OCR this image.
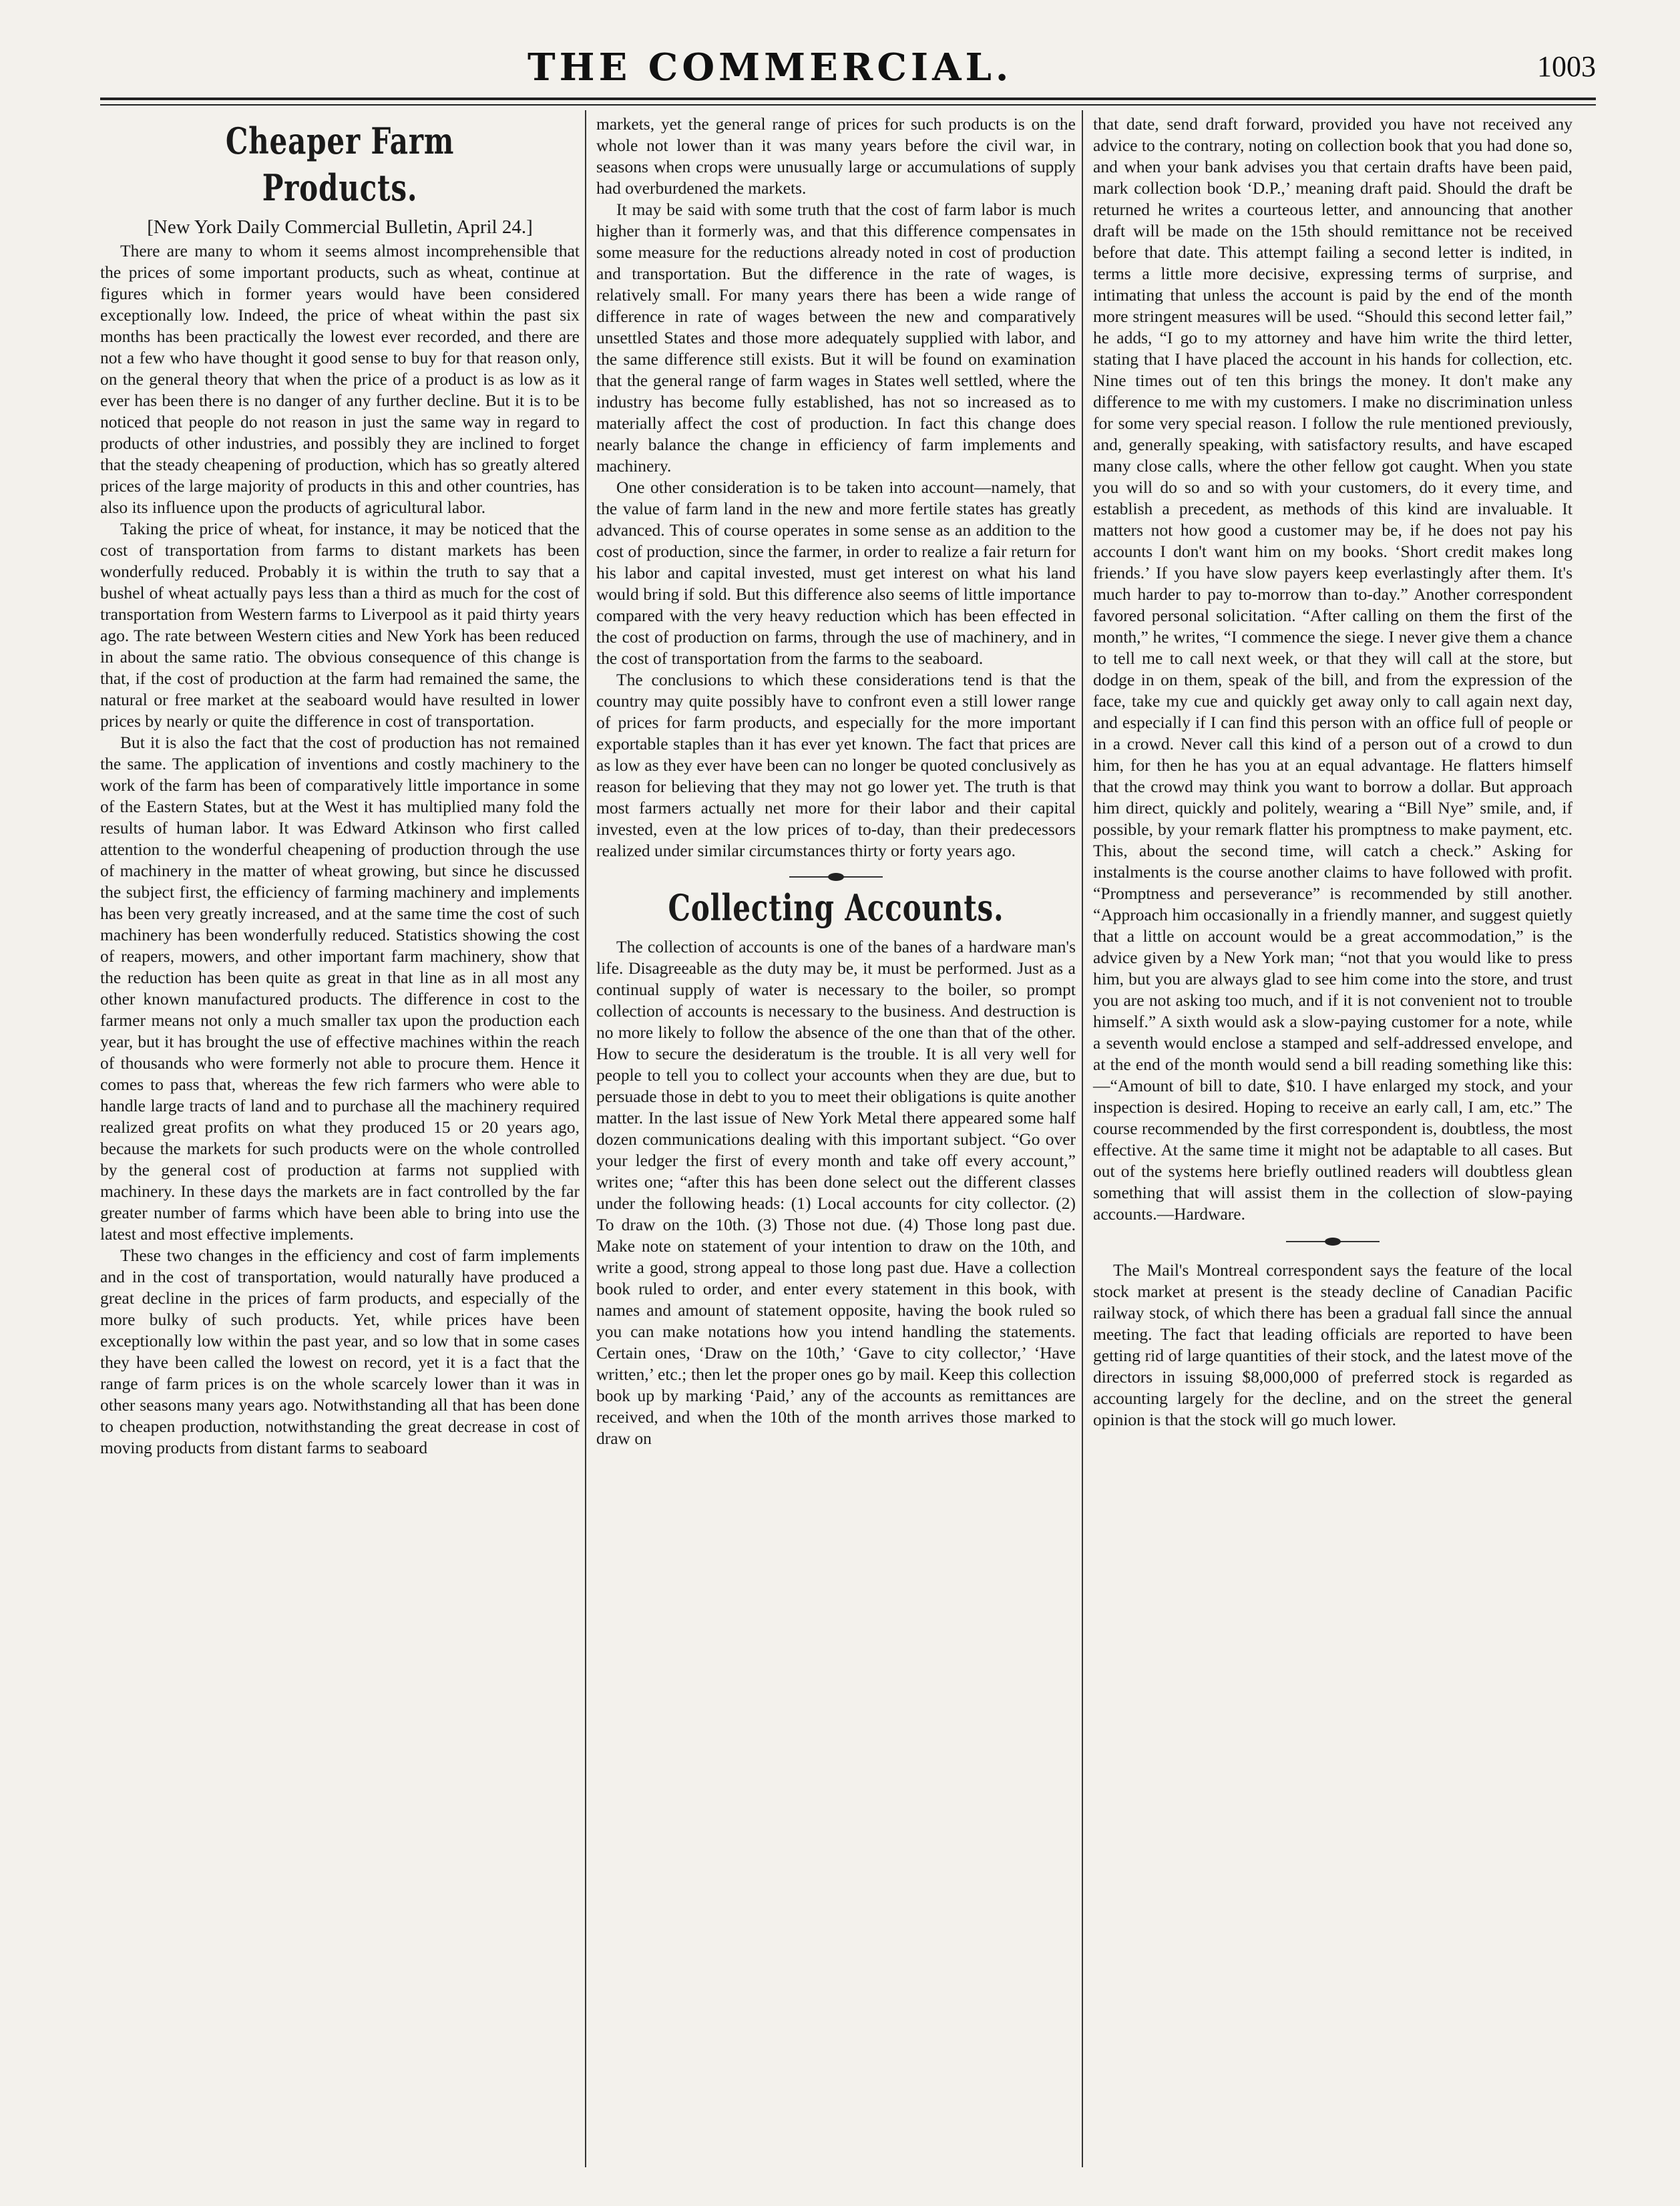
THE COMMERCIAL.	1003
Cheaper Farm Products.

[New York Daily Commercial Bulletin, April 24.]

There are many to whom it seems almost incomprehensible that the prices of some important products, such as wheat, continue at figures which in former years would have been considered exceptionally low. Indeed, the price of wheat within the past six months has been practically the lowest ever recorded, and there are not a few who have thought it good sense to buy for that reason only, on the general theory that when the price of a product is as low as it ever has been there is no danger of any further decline. But it is to be noticed that people do not reason in just the same way in regard to products of other industries, and possibly they are inclined to forget that the steady cheapening of production, which has so greatly altered prices of the large majority of products in this and other countries, has also its influence upon the products of agricultural labor.

Taking the price of wheat, for instance, it may be noticed that the cost of transportation from farms to distant markets has been wonderfully reduced. Probably it is within the truth to say that a bushel of wheat actually pays less than a third as much for the cost of transportation from Western farms to Liverpool as it paid thirty years ago. The rate between Western cities and New York has been reduced in about the same ratio. The obvious consequence of this change is that, if the cost of production at the farm had remained the same, the natural or free market at the seaboard would have resulted in lower prices by nearly or quite the difference in cost of transportation.

But it is also the fact that the cost of production has not remained the same. The application of inventions and costly machinery to the work of the farm has been of comparatively little importance in some of the Eastern States, but at the West it has multiplied many fold the results of human labor. It was Edward Atkinson who first called attention to the wonderful cheapening of production through the use of machinery in the matter of wheat growing, but since he discussed the subject first, the efficiency of farming machinery and implements has been very greatly increased, and at the same time the cost of such machinery has been wonderfully reduced. Statistics showing the cost of reapers, mowers, and other important farm machinery, show that the reduction has been quite as great in that line as in all most any other known manufactured products. The difference in cost to the farmer means not only a much smaller tax upon the production each year, but it has brought the use of effective machines within the reach of thousands who were formerly not able to procure them. Hence it comes to pass that, whereas the few rich farmers who were able to handle large tracts of land and to purchase all the machinery required realized great profits on what they produced 15 or 20 years ago, because the markets for such products were on the whole controlled by the general cost of production at farms not supplied with machinery. In these days the markets are in fact controlled by the far greater number of farms which have been able to bring into use the latest and most effective implements.

These two changes in the efficiency and cost of farm implements and in the cost of transportation, would naturally have produced a great decline in the prices of farm products, and especially of the more bulky of such products. Yet, while prices have been exceptionally low within the past year, and so low that in some cases they have been called the lowest on record, yet it is a fact that the range of farm prices is on the whole scarcely lower than it was in other seasons many years ago. Notwithstanding all that has been done to cheapen production, notwithstanding the great decrease in cost of moving products from distant farms to seaboard

markets, yet the general range of prices for such products is on the whole not lower than it was many years before the civil war, in seasons when crops were unusually large or accumulations of supply had overburdened the markets.

It may be said with some truth that the cost of farm labor is much higher than it formerly was, and that this difference compensates in some measure for the reductions already noted in cost of production and transportation. But the difference in the rate of wages, is relatively small. For many years there has been a wide range of difference in rate of wages between the new and comparatively unsettled States and those more adequately supplied with labor, and the same difference still exists. But it will be found on examination that the general range of farm wages in States well settled, where the industry has become fully established, has not so increased as to materially affect the cost of production. In fact this change does nearly balance the change in efficiency of farm implements and machinery.

One other consideration is to be taken into account—namely, that the value of farm land in the new and more fertile states has greatly advanced. This of course operates in some sense as an addition to the cost of production, since the farmer, in order to realize a fair return for his labor and capital invested, must get interest on what his land would bring if sold. But this difference also seems of little importance compared with the very heavy reduction which has been effected in the cost of production on farms, through the use of machinery, and in the cost of transportation from the farms to the seaboard.

The conclusions to which these considerations tend is that the country may quite possibly have to confront even a still lower range of prices for farm products, and especially for the more important exportable staples than it has ever yet known. The fact that prices are as low as they ever have been can no longer be quoted conclusively as reason for believing that they may not go lower yet. The truth is that most farmers actually net more for their labor and their capital invested, even at the low prices of to-day, than their predecessors realized under similar circumstances thirty or forty years ago.

Collecting Accounts.

The collection of accounts is one of the banes of a hardware man's life. Disagreeable as the duty may be, it must be performed. Just as a continual supply of water is necessary to the boiler, so prompt collection of accounts is necessary to the business. And destruction is no more likely to follow the absence of the one than that of the other. How to secure the desideratum is the trouble. It is all very well for people to tell you to collect your accounts when they are due, but to persuade those in debt to you to meet their obligations is quite another matter. In the last issue of New York Metal there appeared some half dozen communications dealing with this important subject. “Go over your ledger the first of every month and take off every account,” writes one; “after this has been done select out the different classes under the following heads: (1) Local accounts for city collector. (2) To draw on the 10th. (3) Those not due. (4) Those long past due. Make note on statement of your intention to draw on the 10th, and write a good, strong appeal to those long past due. Have a collection book ruled to order, and enter every statement in this book, with names and amount of statement opposite, having the book ruled so you can make notations how you intend handling the statements. Certain ones, ‘Draw on the 10th,’ ‘Gave to city collector,’ ‘Have written,’ etc.; then let the proper ones go by mail. Keep this collection book up by marking ‘Paid,’ any of the accounts as remittances are received, and when the 10th of the month arrives those marked to draw on

that date, send draft forward, provided you have not received any advice to the contrary, noting on collection book that you had done so, and when your bank advises you that certain drafts have been paid, mark collection book ‘D.P.,’ meaning draft paid. Should the draft be returned he writes a courteous letter, and announcing that another draft will be made on the 15th should remittance not be received before that date. This attempt failing a second letter is indited, in terms a little more decisive, expressing terms of surprise, and intimating that unless the account is paid by the end of the month more stringent measures will be used. “Should this second letter fail,” he adds, “I go to my attorney and have him write the third letter, stating that I have placed the account in his hands for collection, etc. Nine times out of ten this brings the money. It don't make any difference to me with my customers. I make no discrimination unless for some very special reason. I follow the rule mentioned previously, and, generally speaking, with satisfactory results, and have escaped many close calls, where the other fellow got caught. When you state you will do so and so with your customers, do it every time, and establish a precedent, as methods of this kind are invaluable. It matters not how good a customer may be, if he does not pay his accounts I don't want him on my books. ‘Short credit makes long friends.’ If you have slow payers keep everlastingly after them. It's much harder to pay to-morrow than to-day.” Another correspondent favored personal solicitation. “After calling on them the first of the month,” he writes, “I commence the siege. I never give them a chance to tell me to call next week, or that they will call at the store, but dodge in on them, speak of the bill, and from the expression of the face, take my cue and quickly get away only to call again next day, and especially if I can find this person with an office full of people or in a crowd. Never call this kind of a person out of a crowd to dun him, for then he has you at an equal advantage. He flatters himself that the crowd may think you want to borrow a dollar. But approach him direct, quickly and politely, wearing a “Bill Nye” smile, and, if possible, by your remark flatter his promptness to make payment, etc. This, about the second time, will catch a check.” Asking for instalments is the course another claims to have followed with profit. “Promptness and perseverance” is recommended by still another. “Approach him occasionally in a friendly manner, and suggest quietly that a little on account would be a great accommodation,” is the advice given by a New York man; “not that you would like to press him, but you are always glad to see him come into the store, and trust you are not asking too much, and if it is not convenient not to trouble himself.” A sixth would ask a slow-paying customer for a note, while a seventh would enclose a stamped and self-addressed envelope, and at the end of the month would send a bill reading something like this:—“Amount of bill to date, $10. I have enlarged my stock, and your inspection is desired. Hoping to receive an early call, I am, etc.” The course recommended by the first correspondent is, doubtless, the most effective. At the same time it might not be adaptable to all cases. But out of the systems here briefly outlined readers will doubtless glean something that will assist them in the collection of slow-paying accounts.—Hardware.

The Mail's Montreal correspondent says the feature of the local stock market at present is the steady decline of Canadian Pacific railway stock, of which there has been a gradual fall since the annual meeting. The fact that leading officials are reported to have been getting rid of large quantities of their stock, and the latest move of the directors in issuing $8,000,000 of preferred stock is regarded as accounting largely for the decline, and on the street the general opinion is that the stock will go much lower.
